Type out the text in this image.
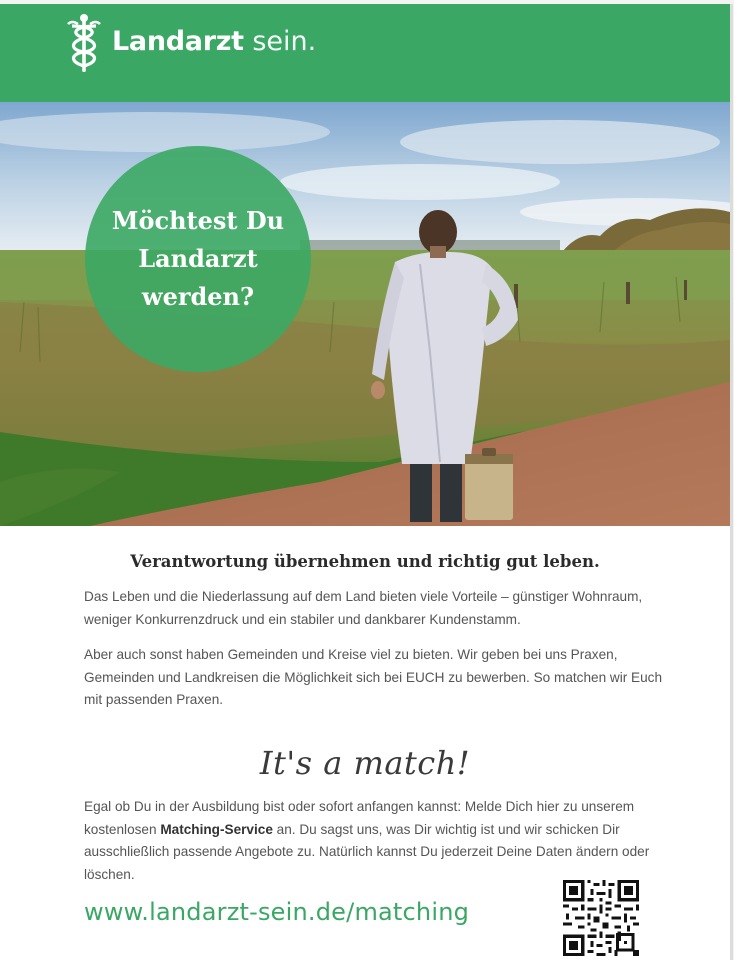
Landarzt sein.
Möchtest Du Landarzt werden?
Verantwortung übernehmen und richtig gut leben.
Das Leben und die Niederlassung auf dem Land bieten viele Vorteile – günstiger Wohnraum, weniger Konkurrenzdruck und ein stabiler und dankbarer Kundenstamm.
Aber auch sonst haben Gemeinden und Kreise viel zu bieten. Wir geben bei uns Praxen, Gemeinden und Landkreisen die Möglichkeit sich bei EUCH zu bewerben. So matchen wir Euch mit passenden Praxen.
It's a match!
Egal ob Du in der Ausbildung bist oder sofort anfangen kannst: Melde Dich hier zu unserem kostenlosen Matching-Service an. Du sagst uns, was Dir wichtig ist und wir schicken Dir ausschließlich passende Angebote zu. Natürlich kannst Du jederzeit Deine Daten ändern oder löschen.
www.landarzt-sein.de/matching
